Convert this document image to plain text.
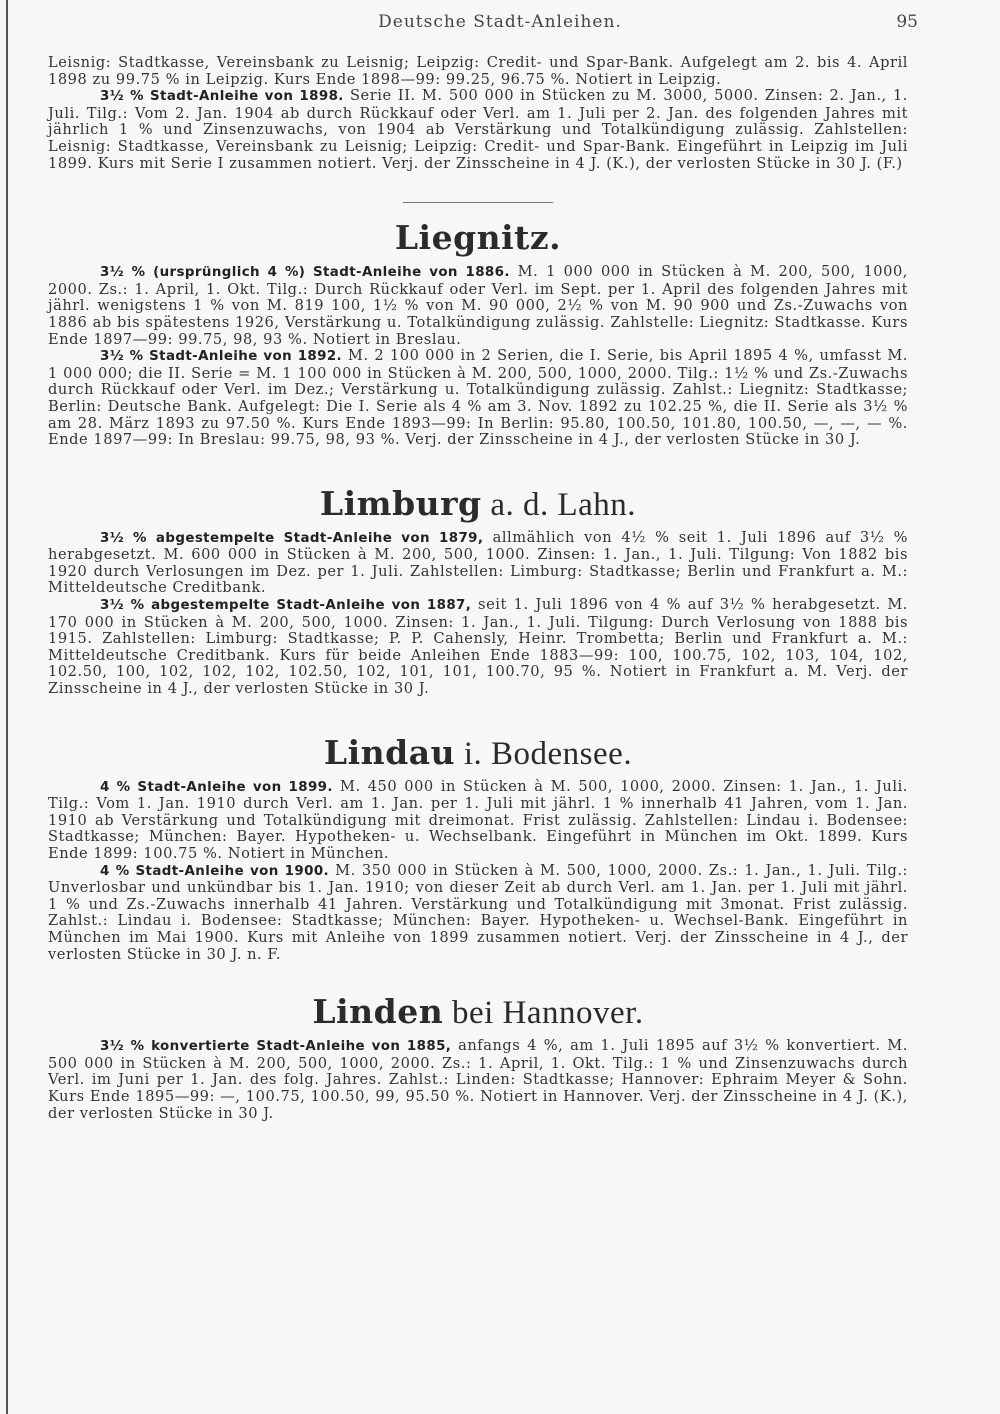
Deutsche Stadt-Anleihen.	95

Leisnig: Stadtkasse, Vereinsbank zu Leisnig; Leipzig: Credit- und Spar-Bank. Aufgelegt am 2. bis 4. April 1898 zu 99.75 % in Leipzig. Kurs Ende 1898—99: 99.25, 96.75 %. Notiert in Leipzig.

3½ % Stadt-Anleihe von 1898. Serie II. M. 500 000 in Stücken zu M. 3000, 5000. Zinsen: 2. Jan., 1. Juli. Tilg.: Vom 2. Jan. 1904 ab durch Rückkauf oder Verl. am 1. Juli per 2. Jan. des folgenden Jahres mit jährlich 1 % und Zinsenzuwachs, von 1904 ab Verstärkung und Totalkündigung zulässig. Zahlstellen: Leisnig: Stadtkasse, Vereinsbank zu Leisnig; Leipzig: Credit- und Spar-Bank. Eingeführt in Leipzig im Juli 1899. Kurs mit Serie I zusammen notiert. Verj. der Zinsscheine in 4 J. (K.), der verlosten Stücke in 30 J. (F.)

Liegnitz.

3½ % (ursprünglich 4 %) Stadt-Anleihe von 1886. M. 1 000 000 in Stücken à M. 200, 500, 1000, 2000. Zs.: 1. April, 1. Okt. Tilg.: Durch Rückkauf oder Verl. im Sept. per 1. April des folgenden Jahres mit jährl. wenigstens 1 % von M. 819 100, 1½ % von M. 90 000, 2½ % von M. 90 900 und Zs.-Zuwachs von 1886 ab bis spätestens 1926, Verstärkung u. Totalkündigung zulässig. Zahlstelle: Liegnitz: Stadtkasse. Kurs Ende 1897—99: 99.75, 98, 93 %. Notiert in Breslau.

3½ % Stadt-Anleihe von 1892. M. 2 100 000 in 2 Serien, die I. Serie, bis April 1895 4 %, umfasst M. 1 000 000; die II. Serie = M. 1 100 000 in Stücken à M. 200, 500, 1000, 2000. Tilg.: 1½ % und Zs.-Zuwachs durch Rückkauf oder Verl. im Dez.; Verstärkung u. Totalkündigung zulässig. Zahlst.: Liegnitz: Stadtkasse; Berlin: Deutsche Bank. Aufgelegt: Die I. Serie als 4 % am 3. Nov. 1892 zu 102.25 %, die II. Serie als 3½ % am 28. März 1893 zu 97.50 %. Kurs Ende 1893—99: In Berlin: 95.80, 100.50, 101.80, 100.50, —, —, — %. Ende 1897—99: In Breslau: 99.75, 98, 93 %. Verj. der Zinsscheine in 4 J., der verlosten Stücke in 30 J.

Limburg a. d. Lahn.

3½ % abgestempelte Stadt-Anleihe von 1879, allmählich von 4½ % seit 1. Juli 1896 auf 3½ % herabgesetzt. M. 600 000 in Stücken à M. 200, 500, 1000. Zinsen: 1. Jan., 1. Juli. Tilgung: Von 1882 bis 1920 durch Verlosungen im Dez. per 1. Juli. Zahlstellen: Limburg: Stadtkasse; Berlin und Frankfurt a. M.: Mitteldeutsche Creditbank.

3½ % abgestempelte Stadt-Anleihe von 1887, seit 1. Juli 1896 von 4 % auf 3½ % herabgesetzt. M. 170 000 in Stücken à M. 200, 500, 1000. Zinsen: 1. Jan., 1. Juli. Tilgung: Durch Verlosung von 1888 bis 1915. Zahlstellen: Limburg: Stadtkasse; P. P. Cahensly, Heinr. Trombetta; Berlin und Frankfurt a. M.: Mitteldeutsche Creditbank. Kurs für beide Anleihen Ende 1883—99: 100, 100.75, 102, 103, 104, 102, 102.50, 100, 102, 102, 102, 102.50, 102, 101, 101, 100.70, 95 %. Notiert in Frankfurt a. M. Verj. der Zinsscheine in 4 J., der verlosten Stücke in 30 J.

Lindau i. Bodensee.

4 % Stadt-Anleihe von 1899. M. 450 000 in Stücken à M. 500, 1000, 2000. Zinsen: 1. Jan., 1. Juli. Tilg.: Vom 1. Jan. 1910 durch Verl. am 1. Jan. per 1. Juli mit jährl. 1 % innerhalb 41 Jahren, vom 1. Jan. 1910 ab Verstärkung und Totalkündigung mit dreimonat. Frist zulässig. Zahlstellen: Lindau i. Bodensee: Stadtkasse; München: Bayer. Hypotheken- u. Wechselbank. Eingeführt in München im Okt. 1899. Kurs Ende 1899: 100.75 %. Notiert in München.

4 % Stadt-Anleihe von 1900. M. 350 000 in Stücken à M. 500, 1000, 2000. Zs.: 1. Jan., 1. Juli. Tilg.: Unverlosbar und unkündbar bis 1. Jan. 1910; von dieser Zeit ab durch Verl. am 1. Jan. per 1. Juli mit jährl. 1 % und Zs.-Zuwachs innerhalb 41 Jahren. Verstärkung und Totalkündigung mit 3monat. Frist zulässig. Zahlst.: Lindau i. Bodensee: Stadtkasse; München: Bayer. Hypotheken- u. Wechsel-Bank. Eingeführt in München im Mai 1900. Kurs mit Anleihe von 1899 zusammen notiert. Verj. der Zinsscheine in 4 J., der verlosten Stücke in 30 J. n. F.

Linden bei Hannover.

3½ % konvertierte Stadt-Anleihe von 1885, anfangs 4 %, am 1. Juli 1895 auf 3½ % konvertiert. M. 500 000 in Stücken à M. 200, 500, 1000, 2000. Zs.: 1. April, 1. Okt. Tilg.: 1 % und Zinsenzuwachs durch Verl. im Juni per 1. Jan. des folg. Jahres. Zahlst.: Linden: Stadtkasse; Hannover: Ephraim Meyer & Sohn. Kurs Ende 1895—99: —, 100.75, 100.50, 99, 95.50 %. Notiert in Hannover. Verj. der Zinsscheine in 4 J. (K.), der verlosten Stücke in 30 J.
